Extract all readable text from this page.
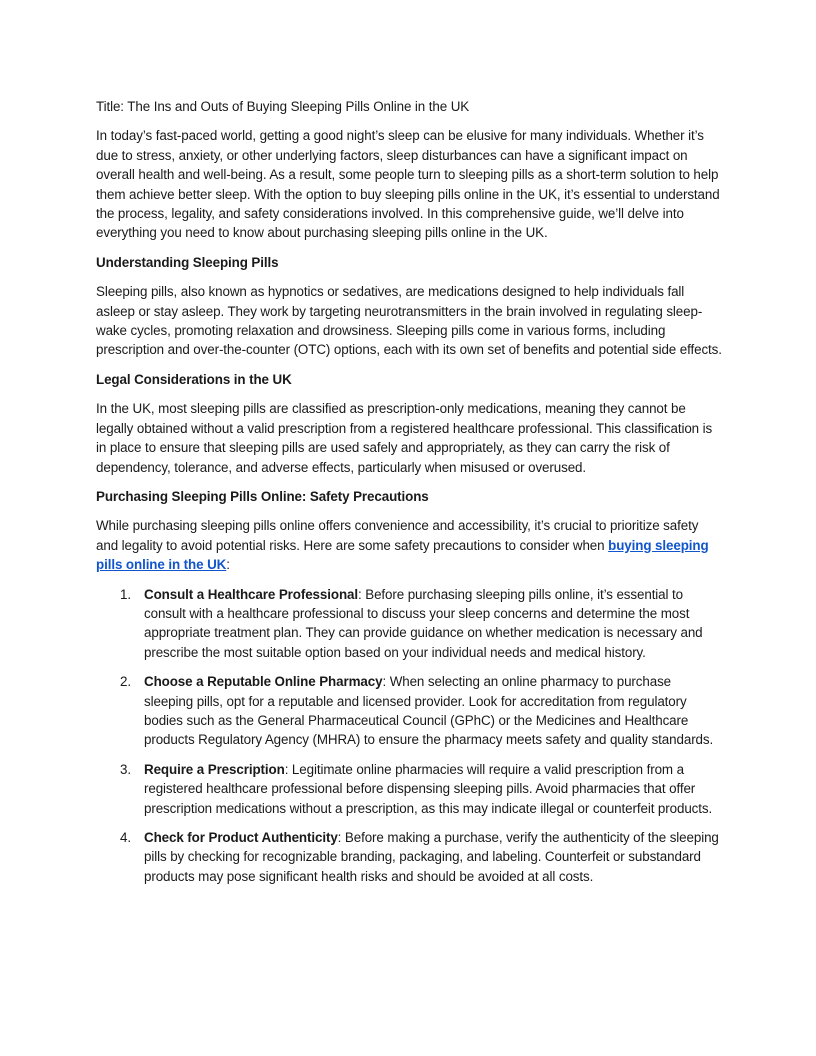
Title: The Ins and Outs of Buying Sleeping Pills Online in the UK

In today’s fast-paced world, getting a good night’s sleep can be elusive for many individuals. Whether it’s due to stress, anxiety, or other underlying factors, sleep disturbances can have a significant impact on overall health and well-being. As a result, some people turn to sleeping pills as a short-term solution to help them achieve better sleep. With the option to buy sleeping pills online in the UK, it’s essential to understand the process, legality, and safety considerations involved. In this comprehensive guide, we’ll delve into everything you need to know about purchasing sleeping pills online in the UK.

Understanding Sleeping Pills

Sleeping pills, also known as hypnotics or sedatives, are medications designed to help individuals fall asleep or stay asleep. They work by targeting neurotransmitters in the brain involved in regulating sleep-wake cycles, promoting relaxation and drowsiness. Sleeping pills come in various forms, including prescription and over-the-counter (OTC) options, each with its own set of benefits and potential side effects.

Legal Considerations in the UK

In the UK, most sleeping pills are classified as prescription-only medications, meaning they cannot be legally obtained without a valid prescription from a registered healthcare professional. This classification is in place to ensure that sleeping pills are used safely and appropriately, as they can carry the risk of dependency, tolerance, and adverse effects, particularly when misused or overused.

Purchasing Sleeping Pills Online: Safety Precautions

While purchasing sleeping pills online offers convenience and accessibility, it’s crucial to prioritize safety and legality to avoid potential risks. Here are some safety precautions to consider when buying sleeping pills online in the UK:

1. Consult a Healthcare Professional: Before purchasing sleeping pills online, it’s essential to consult with a healthcare professional to discuss your sleep concerns and determine the most appropriate treatment plan. They can provide guidance on whether medication is necessary and prescribe the most suitable option based on your individual needs and medical history.
2. Choose a Reputable Online Pharmacy: When selecting an online pharmacy to purchase sleeping pills, opt for a reputable and licensed provider. Look for accreditation from regulatory bodies such as the General Pharmaceutical Council (GPhC) or the Medicines and Healthcare products Regulatory Agency (MHRA) to ensure the pharmacy meets safety and quality standards.
3. Require a Prescription: Legitimate online pharmacies will require a valid prescription from a registered healthcare professional before dispensing sleeping pills. Avoid pharmacies that offer prescription medications without a prescription, as this may indicate illegal or counterfeit products.
4. Check for Product Authenticity: Before making a purchase, verify the authenticity of the sleeping pills by checking for recognizable branding, packaging, and labeling. Counterfeit or substandard products may pose significant health risks and should be avoided at all costs.
